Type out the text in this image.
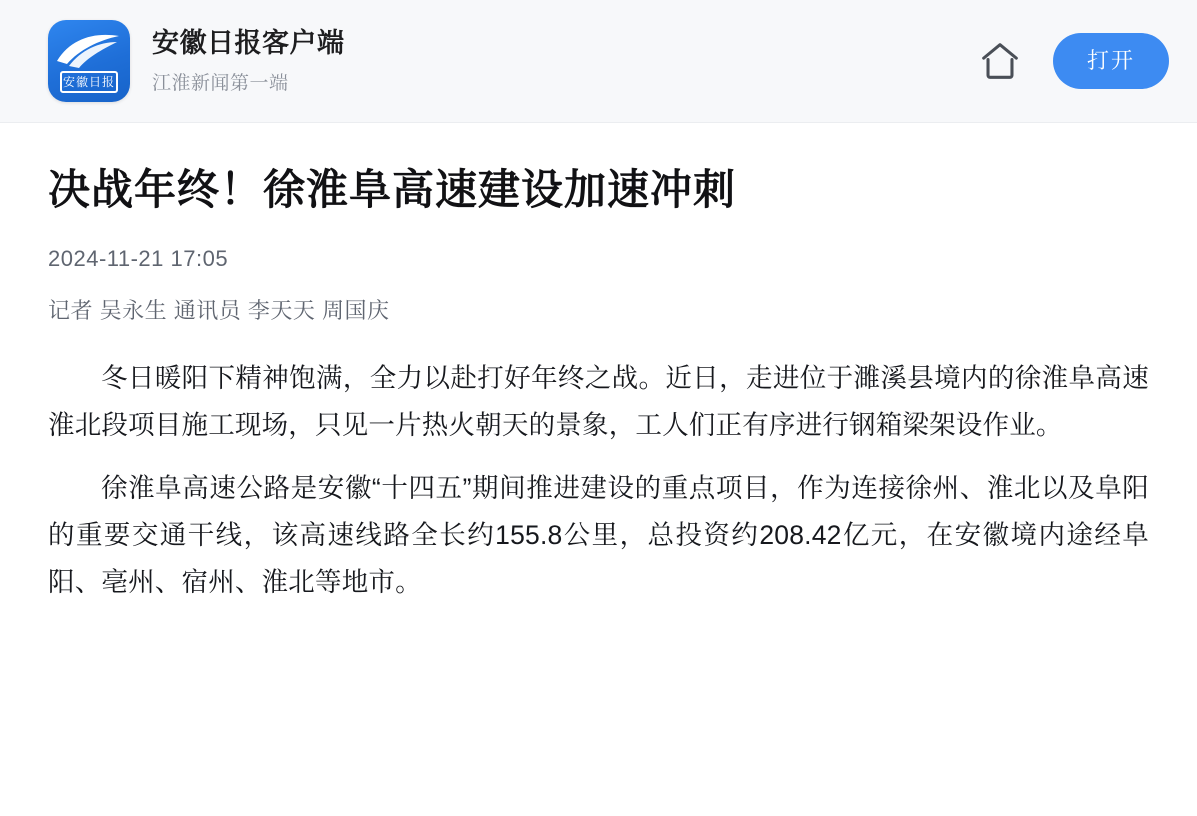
安徽日报
安徽日报客户端
江淮新闻第一端
打开
决战年终！徐淮阜高速建设加速冲刺
2024-11-21 17:05
记者 吴永生 通讯员 李天天 周国庆

冬日暖阳下精神饱满，全力以赴打好年终之战。近日，走进位于濉溪县境内的徐淮阜高速淮北段项目施工现场，只见一片热火朝天的景象，工人们正有序进行钢箱梁架设作业。

徐淮阜高速公路是安徽“十四五”期间推进建设的重点项目，作为连接徐州、淮北以及阜阳的重要交通干线，该高速线路全长约155.8公里，总投资约208.42亿元，在安徽境内途经阜阳、亳州、宿州、淮北等地市。
